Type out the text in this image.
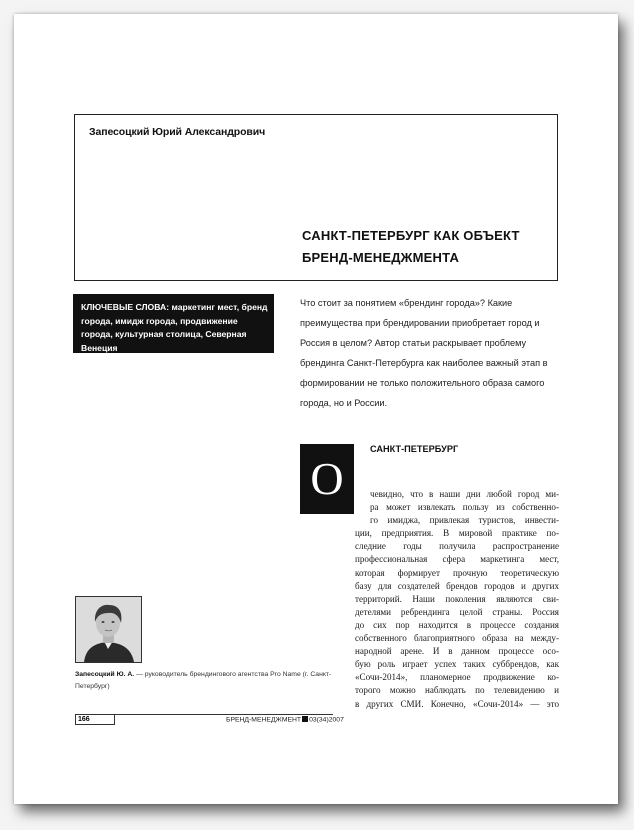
Запесоцкий Юрий Александрович
САНКТ-ПЕТЕРБУРГ КАК ОБЪЕКТ
БРЕНД-МЕНЕДЖМЕНТА
КЛЮЧЕВЫЕ СЛОВА: маркетинг мест, бренд города, имидж города, продвижение города, культурная столица, Северная Венеция
Что стоит за понятием «брендинг города»? Какие преимущества при брендировании приобретает город и Россия в целом? Автор статьи раскрывает проблему брендинга Санкт-Петербурга как наиболее важный этап в формировании не только положительного образа самого города, но и России.
О
САНКТ-ПЕТЕРБУРГ
чевидно, что в наши дни любой город ми-
ра может извлекать пользу из собственно-
го имиджа, привлекая туристов, инвести-
ции, предприятия. В мировой практике по-
следние годы получила распространение
профессиональная сфера маркетинга мест,
которая формирует прочную теоретическую
базу для создателей брендов городов и других
территорий. Наши поколения являются сви-
детелями ребрендинга целой страны. Россия
до сих пор находится в процессе создания
собственного благоприятного образа на между-
народной арене. И в данном процессе осо-
бую роль играет успех таких суббрендов, как
«Сочи-2014», планомерное продвижение ко-
торого можно наблюдать по телевидению и
в других СМИ. Конечно, «Сочи-2014» — это
Запесоцкий Ю. А. — руководитель брендингового агентства Pro Name (г. Санкт-Петербург)
166	БРЕНД-МЕНЕДЖМЕНТ 03(34)2007
